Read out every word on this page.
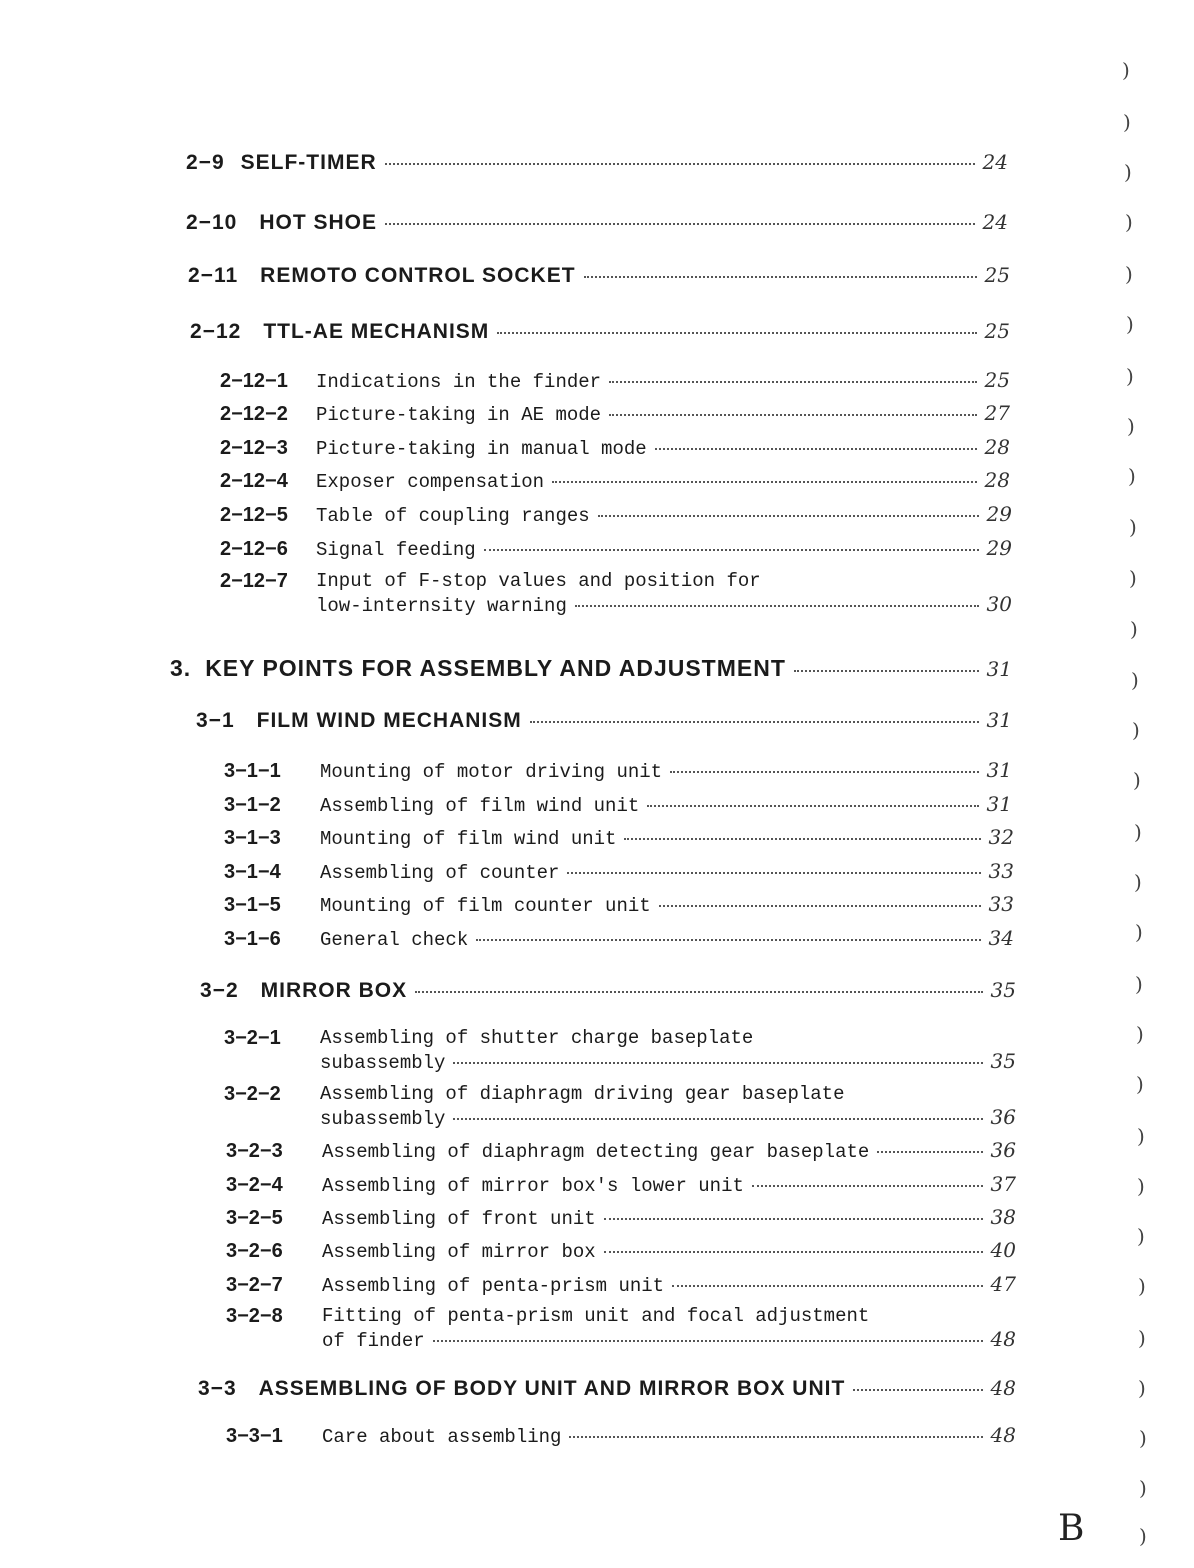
2−9 SELF-TIMER	24
2−10 HOT SHOE	24
2−11 REMOTO CONTROL SOCKET	25
2−12 TTL-AE MECHANISM	25
2−12−1	Indications in the finder	25
2−12−2	Picture-taking in AE mode	27
2−12−3	Picture-taking in manual mode	28
2−12−4	Exposer compensation	28
2−12−5	Table of coupling ranges	29
2−12−6	Signal feeding	29
2−12−7 Input of F-stop values and position for
low-internsity warning	30
3. KEY POINTS FOR ASSEMBLY AND ADJUSTMENT	31
3−1 FILM WIND MECHANISM	31
3−1−1	Mounting of motor driving unit	31
3−1−2	Assembling of film wind unit	31
3−1−3	Mounting of film wind unit	32
3−1−4	Assembling of counter	33
3−1−5	Mounting of film counter unit	33
3−1−6	General check	34
3−2 MIRROR BOX	35
3−2−1 Assembling of shutter charge baseplate
subassembly	35
3−2−2 Assembling of diaphragm driving gear baseplate
subassembly	36
3−2−3	Assembling of diaphragm detecting gear baseplate	36
3−2−4	Assembling of mirror box's lower unit	37
3−2−5	Assembling of front unit	38
3−2−6	Assembling of mirror box	40
3−2−7	Assembling of penta-prism unit	47
3−2−8 Fitting of penta-prism unit and focal adjustment
of finder	48
3−3 ASSEMBLING OF BODY UNIT AND MIRROR BOX UNIT	48
3−3−1	Care about assembling	48
)
)
)
)
)
)
)
)
)
)
)
)
)
)
)
)
)
)
)
)
)
)
)
)
)
)
)
)
)
)
B
